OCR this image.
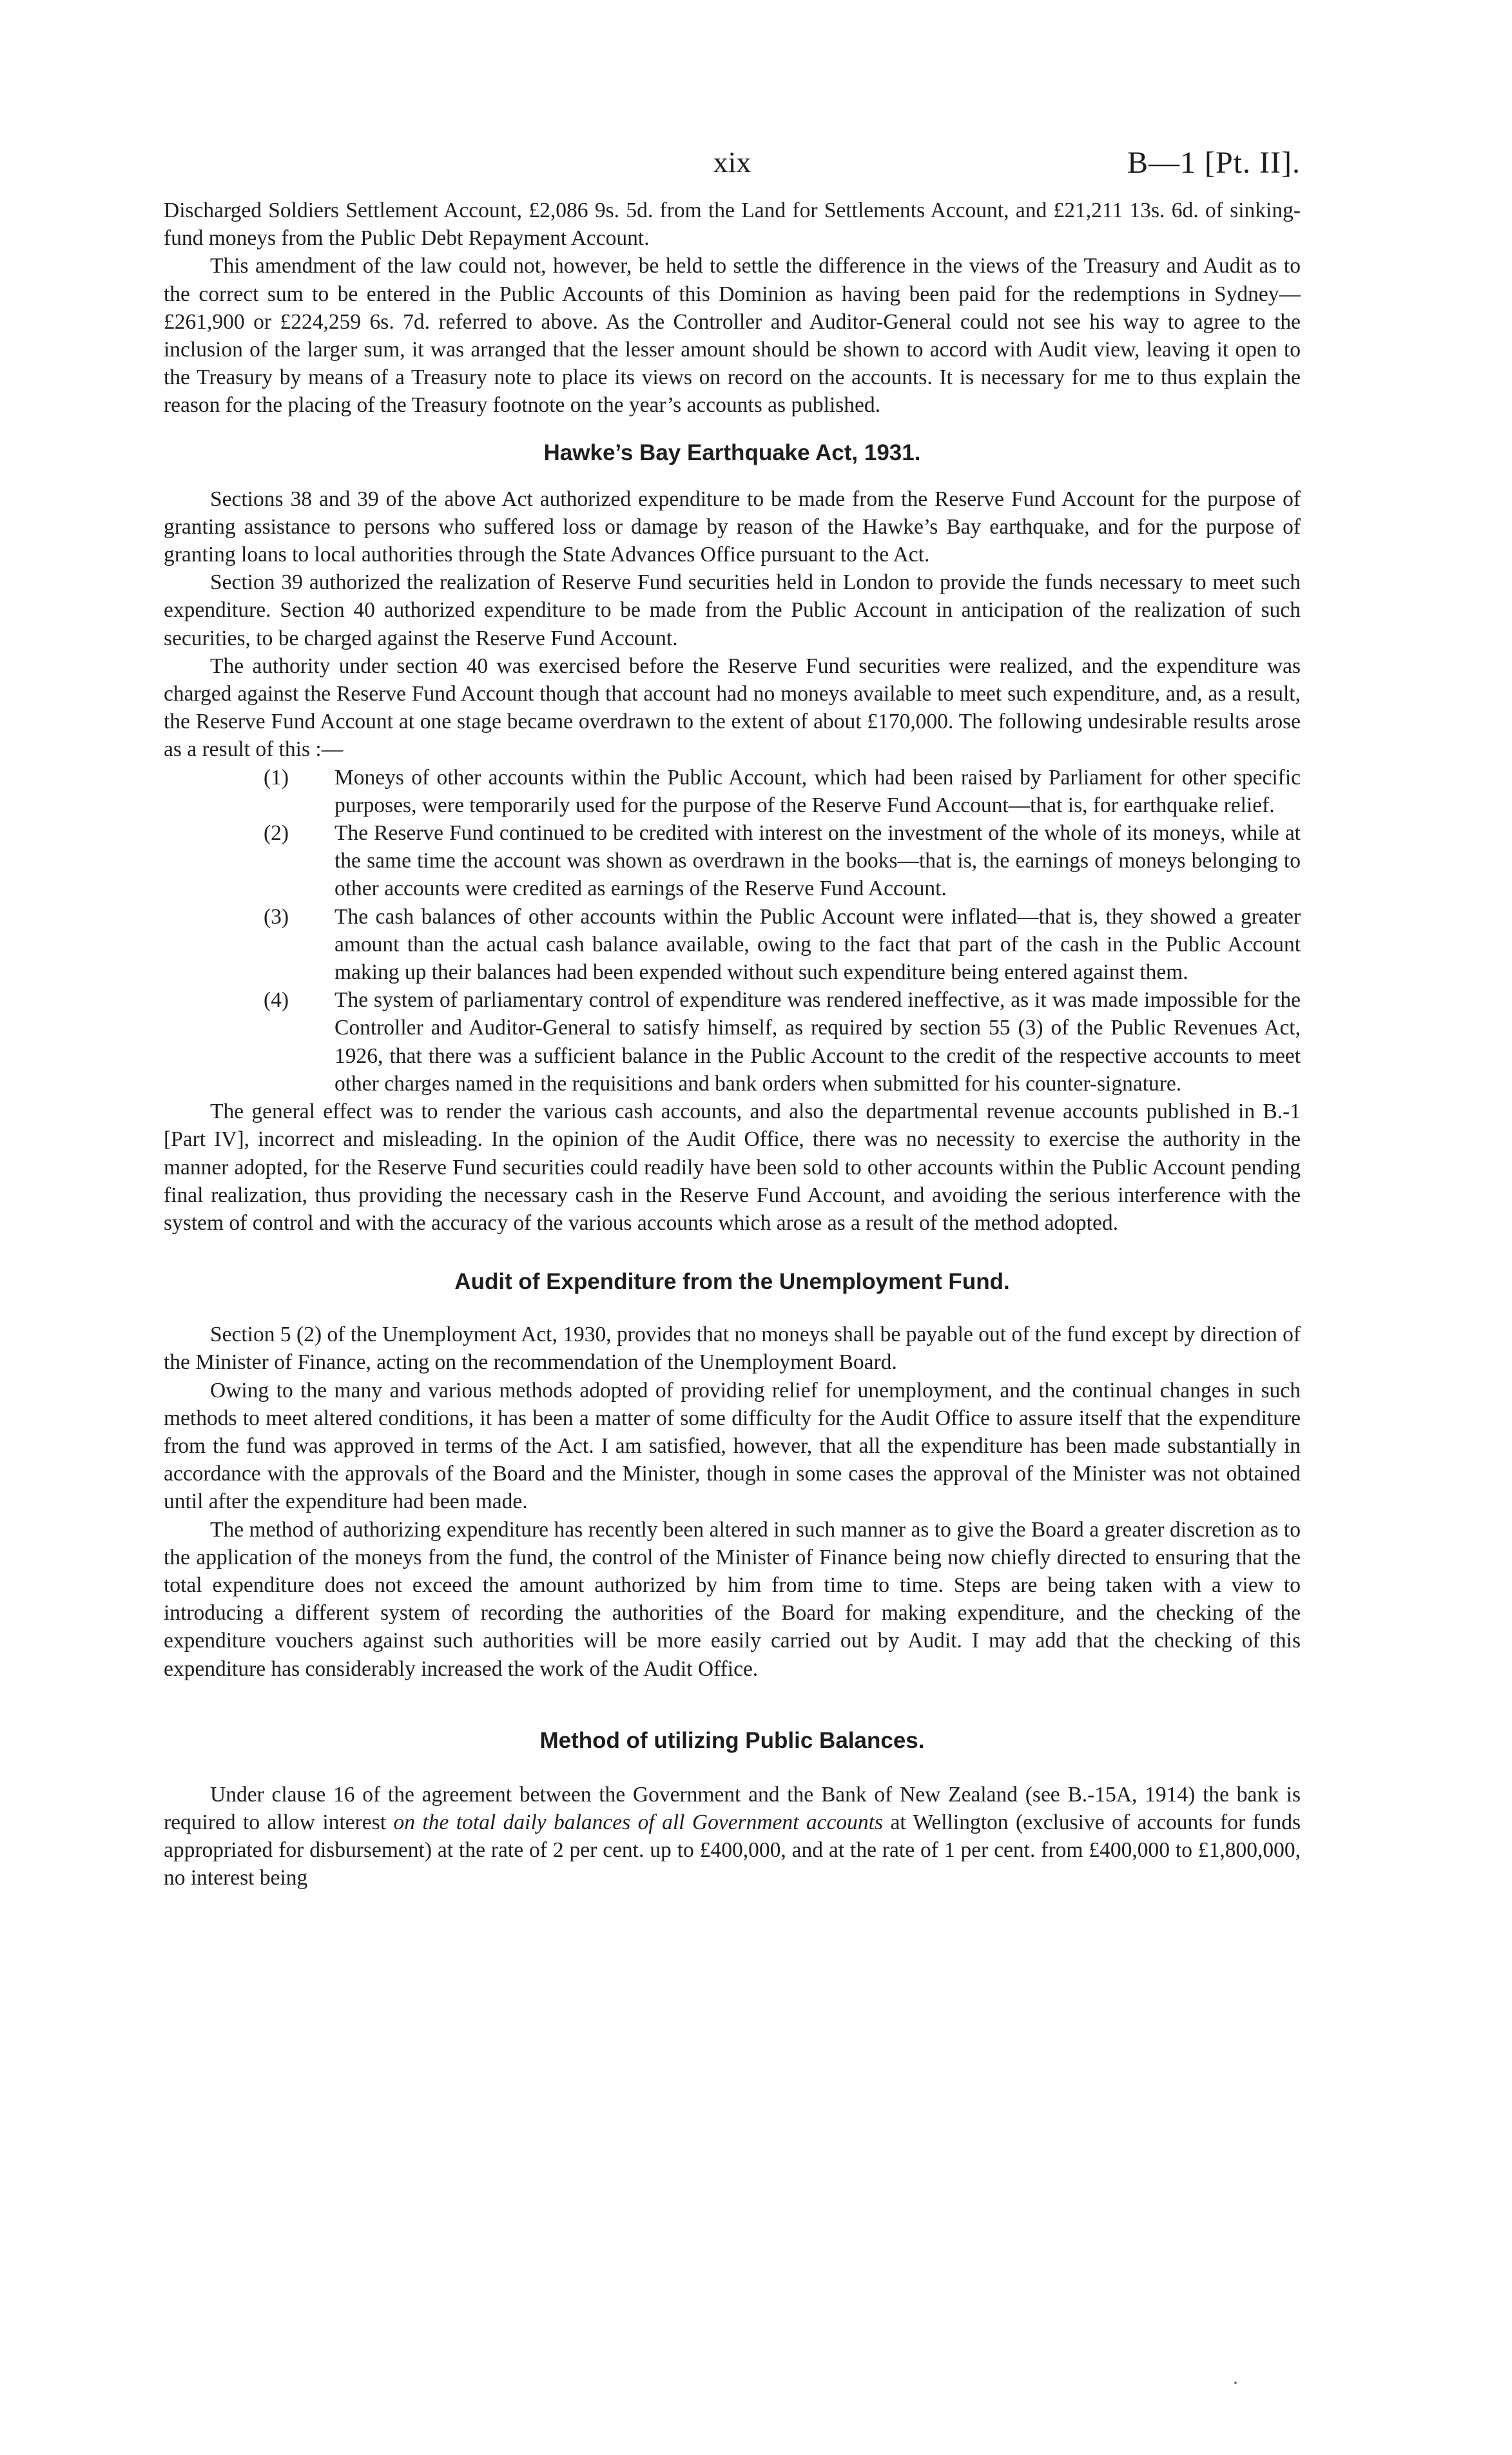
xix	B—1 [Pt. II].

Discharged Soldiers Settlement Account, £2,086 9s. 5d. from the Land for Settlements Account, and £21,211 13s. 6d. of sinking-fund moneys from the Public Debt Repayment Account.

This amendment of the law could not, however, be held to settle the difference in the views of the Treasury and Audit as to the correct sum to be entered in the Public Accounts of this Dominion as having been paid for the redemptions in Sydney—£261,900 or £224,259 6s. 7d. referred to above. As the Controller and Auditor-General could not see his way to agree to the inclusion of the larger sum, it was arranged that the lesser amount should be shown to accord with Audit view, leaving it open to the Treasury by means of a Treasury note to place its views on record on the accounts. It is necessary for me to thus explain the reason for the placing of the Treasury footnote on the year’s accounts as published.

Hawke’s Bay Earthquake Act, 1931.

Sections 38 and 39 of the above Act authorized expenditure to be made from the Reserve Fund Account for the purpose of granting assistance to persons who suffered loss or damage by reason of the Hawke’s Bay earthquake, and for the purpose of granting loans to local authorities through the State Advances Office pursuant to the Act.

Section 39 authorized the realization of Reserve Fund securities held in London to provide the funds necessary to meet such expenditure. Section 40 authorized expenditure to be made from the Public Account in anticipation of the realization of such securities, to be charged against the Reserve Fund Account.

The authority under section 40 was exercised before the Reserve Fund securities were realized, and the expenditure was charged against the Reserve Fund Account though that account had no moneys available to meet such expenditure, and, as a result, the Reserve Fund Account at one stage became overdrawn to the extent of about £170,000. The following undesirable results arose as a result of this :—

(1) Moneys of other accounts within the Public Account, which had been raised by Parliament for other specific purposes, were temporarily used for the purpose of the Reserve Fund Account—that is, for earthquake relief.
(2) The Reserve Fund continued to be credited with interest on the investment of the whole of its moneys, while at the same time the account was shown as overdrawn in the books—that is, the earnings of moneys belonging to other accounts were credited as earnings of the Reserve Fund Account.
(3) The cash balances of other accounts within the Public Account were inflated—that is, they showed a greater amount than the actual cash balance available, owing to the fact that part of the cash in the Public Account making up their balances had been expended without such expenditure being entered against them.
(4) The system of parliamentary control of expenditure was rendered ineffective, as it was made impossible for the Controller and Auditor-General to satisfy himself, as required by section 55 (3) of the Public Revenues Act, 1926, that there was a sufficient balance in the Public Account to the credit of the respective accounts to meet other charges named in the requisitions and bank orders when submitted for his counter-signature.

The general effect was to render the various cash accounts, and also the departmental revenue accounts published in B.-1 [Part IV], incorrect and misleading. In the opinion of the Audit Office, there was no necessity to exercise the authority in the manner adopted, for the Reserve Fund securities could readily have been sold to other accounts within the Public Account pending final realization, thus providing the necessary cash in the Reserve Fund Account, and avoiding the serious interference with the system of control and with the accuracy of the various accounts which arose as a result of the method adopted.

Audit of Expenditure from the Unemployment Fund.

Section 5 (2) of the Unemployment Act, 1930, provides that no moneys shall be payable out of the fund except by direction of the Minister of Finance, acting on the recommendation of the Unemployment Board.

Owing to the many and various methods adopted of providing relief for unemployment, and the continual changes in such methods to meet altered conditions, it has been a matter of some difficulty for the Audit Office to assure itself that the expenditure from the fund was approved in terms of the Act. I am satisfied, however, that all the expenditure has been made substantially in accordance with the approvals of the Board and the Minister, though in some cases the approval of the Minister was not obtained until after the expenditure had been made.

The method of authorizing expenditure has recently been altered in such manner as to give the Board a greater discretion as to the application of the moneys from the fund, the control of the Minister of Finance being now chiefly directed to ensuring that the total expenditure does not exceed the amount authorized by him from time to time. Steps are being taken with a view to introducing a different system of recording the authorities of the Board for making expenditure, and the checking of the expenditure vouchers against such authorities will be more easily carried out by Audit. I may add that the checking of this expenditure has considerably increased the work of the Audit Office.

Method of utilizing Public Balances.

Under clause 16 of the agreement between the Government and the Bank of New Zealand (see B.-15A, 1914) the bank is required to allow interest on the total daily balances of all Government accounts at Wellington (exclusive of accounts for funds appropriated for disbursement) at the rate of 2 per cent. up to £400,000, and at the rate of 1 per cent. from £400,000 to £1,800,000, no interest being
